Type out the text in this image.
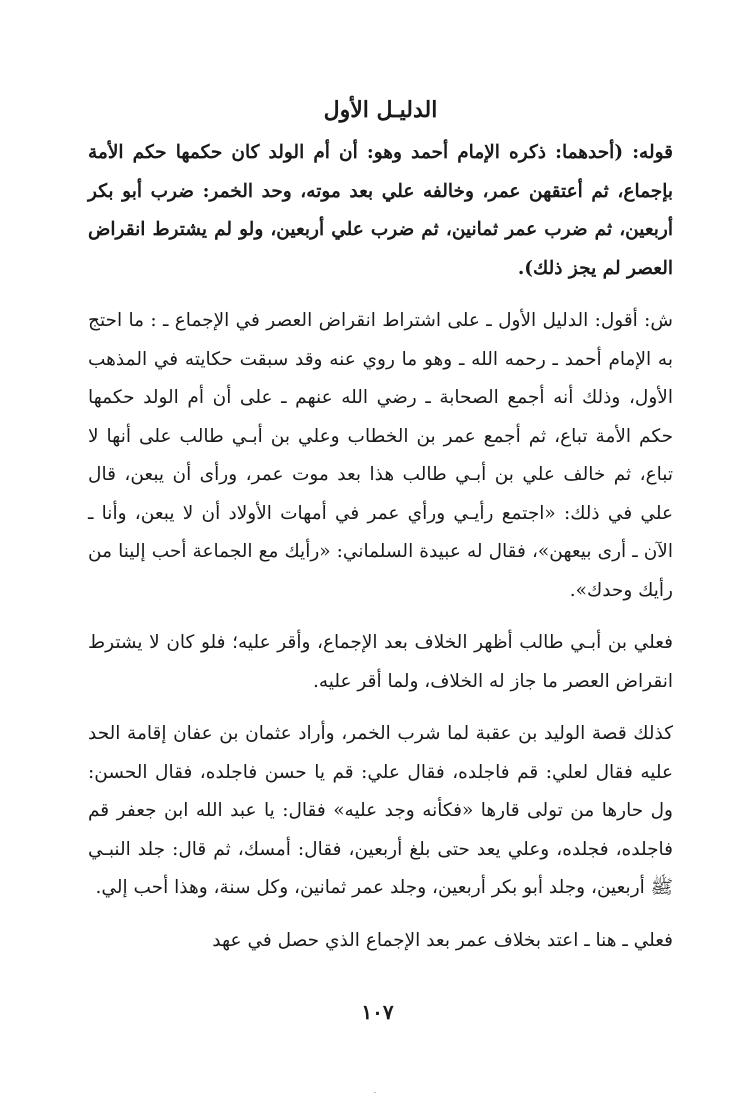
الدليـل الأول

قوله: (أحدهما: ذكره الإمام أحمد وهو: أن أم الولد كان حكمها حكم الأمة بإجماع، ثم أعتقهن عمر، وخالفه علي بعد موته، وحد الخمر: ضرب أبو بكر أربعين، ثم ضرب عمر ثمانين، ثم ضرب علي أربعين، ولو لم يشترط انقراض العصر لم يجز ذلك).

ش: أقول: الدليل الأول ـ على اشتراط انقراض العصر في الإجماع ـ : ما احتج به الإمام أحمد ـ رحمه الله ـ وهو ما روي عنه وقد سبقت حكايته في المذهب الأول، وذلك أنه أجمع الصحابة ـ رضي الله عنهم ـ على أن أم الولد حكمها حكم الأمة تباع، ثم أجمع عمر بن الخطاب وعلي بن أبـي طالب على أنها لا تباع، ثم خالف علي بن أبـي طالب هذا بعد موت عمر، ورأى أن يبعن، قال علي في ذلك: «اجتمع رأيـي ورأي عمر في أمهات الأولاد أن لا يبعن، وأنا ـ الآن ـ أرى بيعهن»، فقال له عبيدة السلماني: «رأيك مع الجماعة أحب إلينا من رأيك وحدك».

فعلي بن أبـي طالب أظهر الخلاف بعد الإجماع، وأقر عليه؛ فلو كان لا يشترط انقراض العصر ما جاز له الخلاف، ولما أقر عليه.

كذلك قصة الوليد بن عقبة لما شرب الخمر، وأراد عثمان بن عفان إقامة الحد عليه فقال لعلي: قم فاجلده، فقال علي: قم يا حسن فاجلده، فقال الحسن: ول حارها من تولى قارها «فكأنه وجد عليه» فقال: يا عبد الله ابن جعفر قم فاجلده، فجلده، وعلي يعد حتى بلغ أربعين، فقال: أمسك، ثم قال: جلد النبـي ﷺ أربعين، وجلد أبو بكر أربعين، وجلد عمر ثمانين، وكل سنة، وهذا أحب إلي.

فعلي ـ هنا ـ اعتد بخلاف عمر بعد الإجماع الذي حصل في عهد

١٠٧
